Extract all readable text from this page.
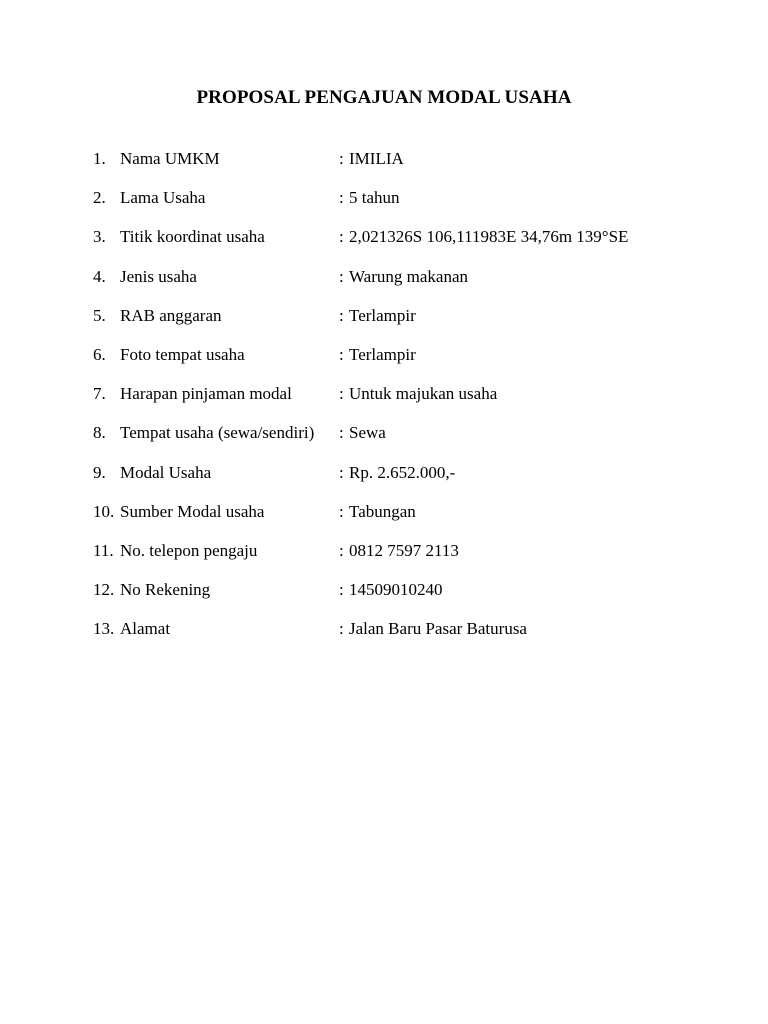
PROPOSAL PENGAJUAN MODAL USAHA
1. Nama UMKM	: IMILIA
2. Lama Usaha	: 5 tahun
3. Titik koordinat usaha	: 2,021326S 106,111983E 34,76m 139°SE
4. Jenis usaha	: Warung makanan
5. RAB anggaran	: Terlampir
6. Foto tempat usaha	: Terlampir
7. Harapan pinjaman modal	: Untuk majukan usaha
8. Tempat usaha (sewa/sendiri) : Sewa
9. Modal Usaha	: Rp. 2.652.000,-
10. Sumber Modal usaha	: Tabungan
11. No. telepon pengaju	: 0812 7597 2113
12. No Rekening	: 14509010240
13. Alamat	: Jalan Baru Pasar Baturusa
